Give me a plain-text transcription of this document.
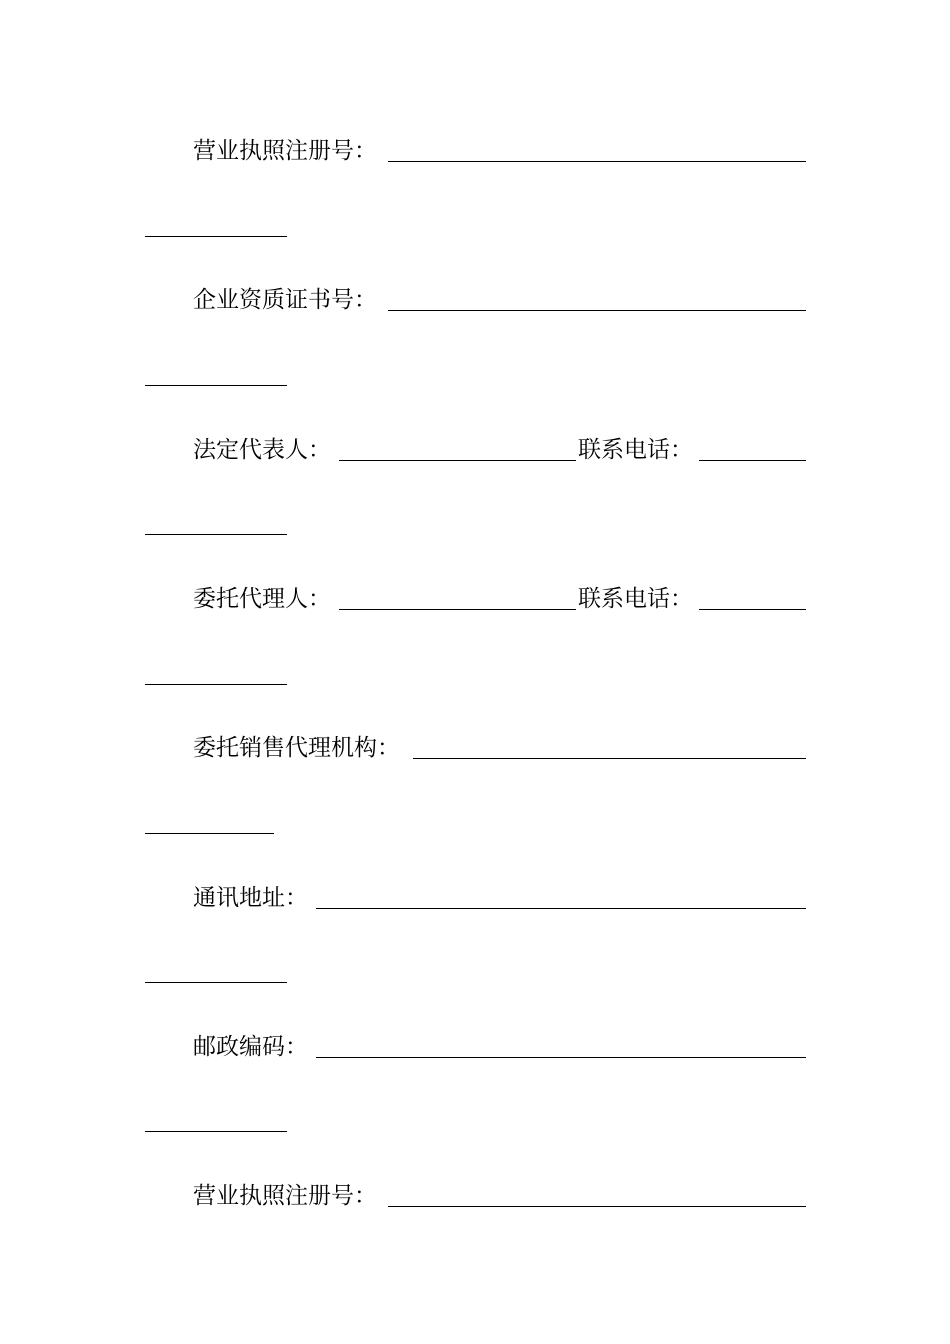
营业执照注册号：
企业资质证书号：
法定代表人：	联系电话：
委托代理人：	联系电话：
委托销售代理机构：
通讯地址：
邮政编码：
营业执照注册号：
